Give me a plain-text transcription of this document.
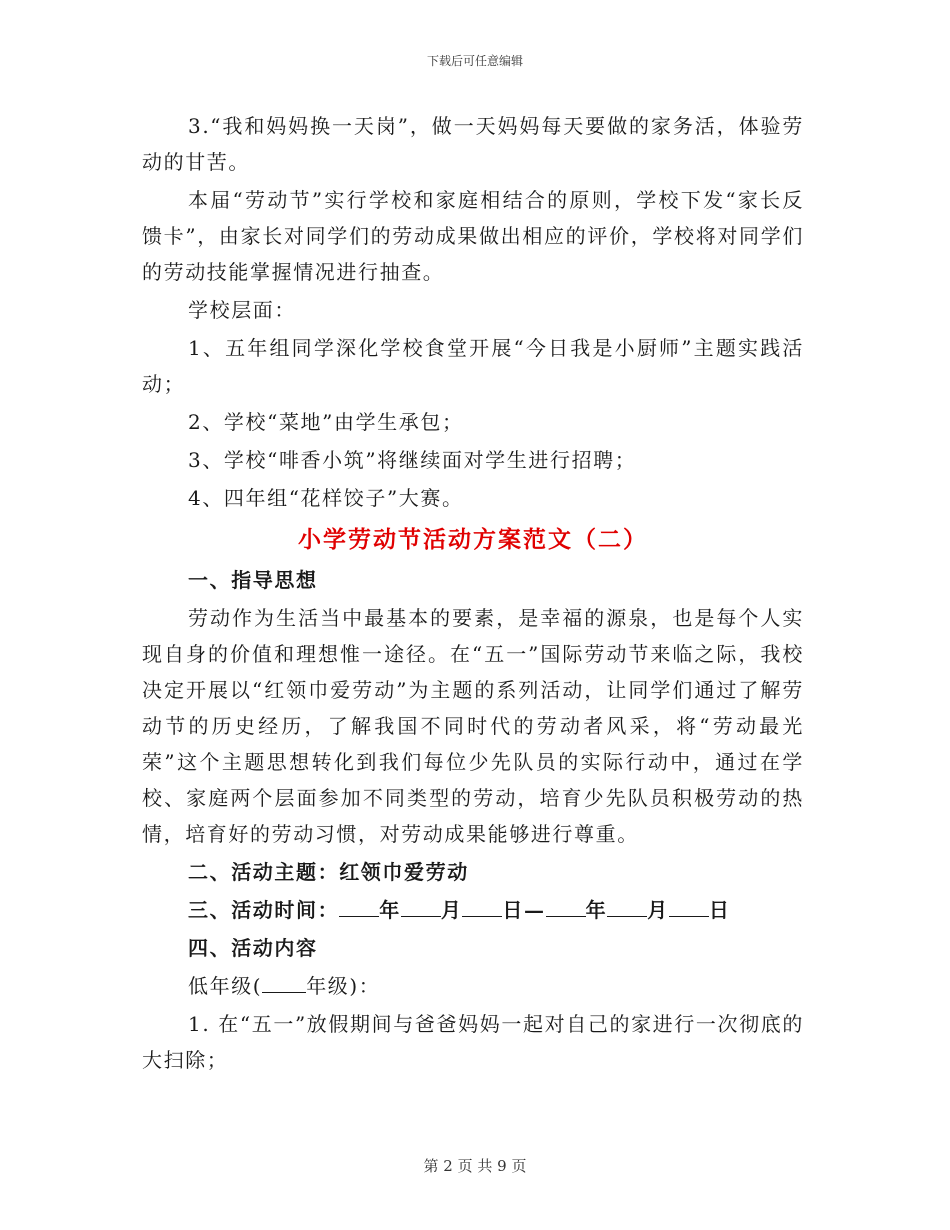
下载后可任意编辑

3.“我和妈妈换一天岗”，做一天妈妈每天要做的家务活，体验劳动的甘苦。

本届“劳动节”实行学校和家庭相结合的原则，学校下发“家长反馈卡”，由家长对同学们的劳动成果做出相应的评价，学校将对同学们的劳动技能掌握情况进行抽查。

学校层面：

1、五年组同学深化学校食堂开展“今日我是小厨师”主题实践活动；

2、学校“菜地”由学生承包；

3、学校“啡香小筑”将继续面对学生进行招聘；

4、四年组“花样饺子”大赛。

小学劳动节活动方案范文（二）

一、指导思想

劳动作为生活当中最基本的要素，是幸福的源泉，也是每个人实现自身的价值和理想惟一途径。在“五一”国际劳动节来临之际，我校决定开展以“红领巾爱劳动”为主题的系列活动，让同学们通过了解劳动节的历史经历，了解我国不同时代的劳动者风采，将“劳动最光荣”这个主题思想转化到我们每位少先队员的实际行动中，通过在学校、家庭两个层面参加不同类型的劳动，培育少先队员积极劳动的热情，培育好的劳动习惯，对劳动成果能够进行尊重。

二、活动主题：红领巾爱劳动

三、活动时间： 年 月 日— 年 月 日

四、活动内容

低年级( 年级)：

1. 在“五一”放假期间与爸爸妈妈一起对自己的家进行一次彻底的大扫除；

第 2 页 共 9 页
